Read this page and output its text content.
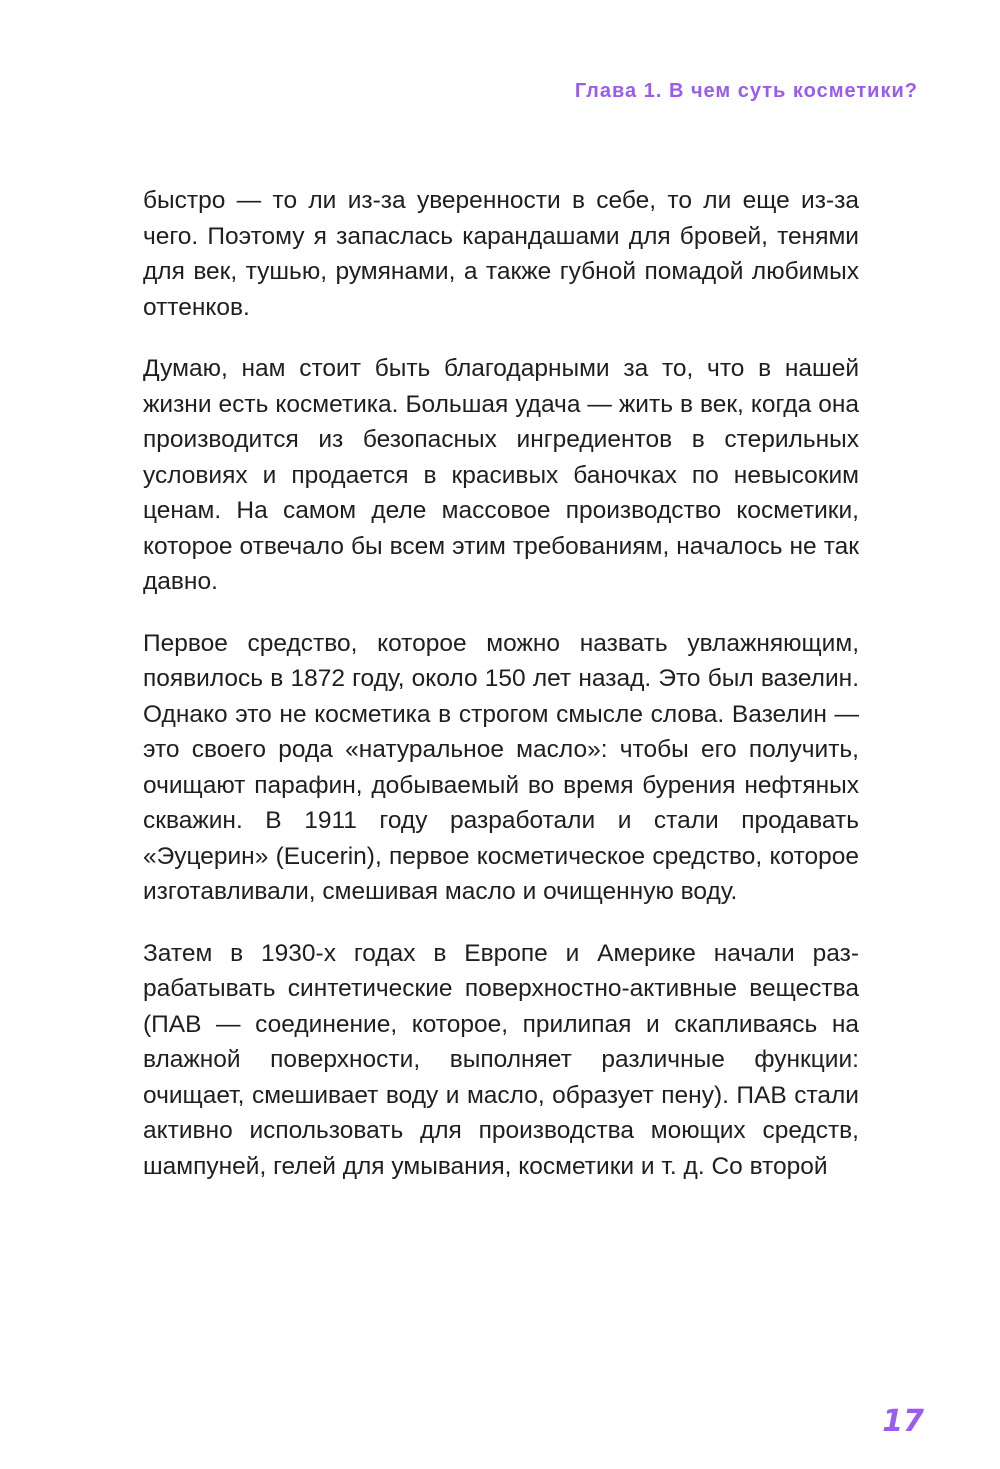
Глава 1. В чем суть косметики?

быстро — то ли из-за уверенности в себе, то ли еще из-за чего. Поэтому я запаслась карандашами для бровей, тенями для век, тушью, румянами, а также губной помадой любимых оттенков.

Думаю, нам стоит быть благодарными за то, что в нашей жизни есть косметика. Большая удача — жить в век, когда она производится из безопасных ингредиентов в стерильных условиях и продается в красивых баночках по невысоким ценам. На самом деле массовое производство косметики, которое отвечало бы всем этим требованиям, началось не так давно.

Первое средство, которое можно назвать увлажняющим, появилось в 1872 году, около 150 лет назад. Это был вазелин. Однако это не косметика в строгом смысле слова. Вазелин — это своего рода «натуральное масло»: чтобы его получить, очищают парафин, добываемый во время бурения нефтяных скважин. В 1911 году разработали и стали продавать «Эуцерин» (Eucerin), первое косметическое средство, которое изготавливали, смешивая масло и очищенную воду.

Затем в 1930-х годах в Европе и Америке начали разрабатывать синтетические поверхностно-активные вещества (ПАВ — соединение, которое, прилипая и скапливаясь на влажной поверхности, выполняет различные функции: очищает, смешивает воду и масло, образует пену). ПАВ стали активно использовать для производства моющих средств, шампуней, гелей для умывания, косметики и т. д. Со второй

17
